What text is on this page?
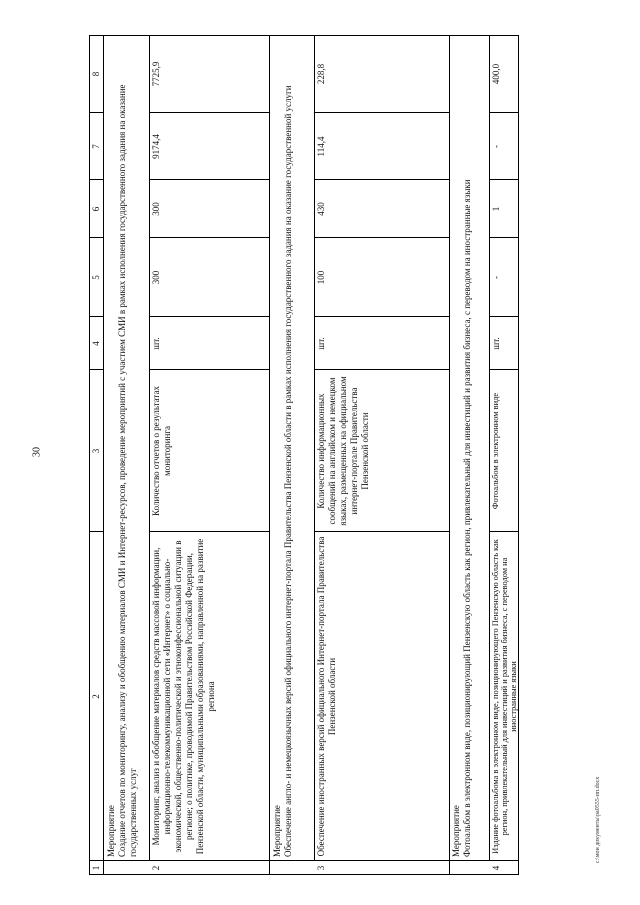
30
c:\мои документы\ра0555-пп.docx
1
2
3
4
5
6
7
8
Мероприятие Создание отчетов по мониторингу, анализу и обобщению материалов СМИ и Интернет-ресурсов, проведение мероприятий с участием СМИ в рамках исполнения государственного задания на оказание государственных услуг
2
Мониторинг, анализ и обобщение материалов средств массовой информации, информационно-телекоммуникационной сети «Интернет» о социально-экономической, общественно-политической и этноконфессиональной ситуации в регионе; о политике, проводимой Правительством Российской Федерации, Пензенской области, муниципальными образованиями, направленной на развитие региона
Количество отчетов о результатах мониторинга
шт.
300
300
9174,4
7725,9
Мероприятие Обеспечение англо- и немецкоязычных версий официального интернет-портала Правительства Пензенской области в рамках исполнения государственного задания на оказание государственной услуги
3
Обеспечение иностранных версий официального Интернет-портала Правительства Пензенской области
Количество информационных сообщений на английском и немецком языках, размещенных на официальном интернет-портале Правительства Пензенской области
шт.
100
430
114,4
228,8
Мероприятие Фотоальбом в электронном виде, позиционирующий Пензенскую область как регион, привлекательный для инвестиций и развития бизнеса, с переводом на иностранные языки
4
Издание фотоальбома в электронном виде, позиционирующего Пензенскую область как регион, привлекательный для инвестиций и развития бизнеса, с переводом на иностранные языки
Фотоальбом в электронном виде
шт.
-
1
-
400,0
